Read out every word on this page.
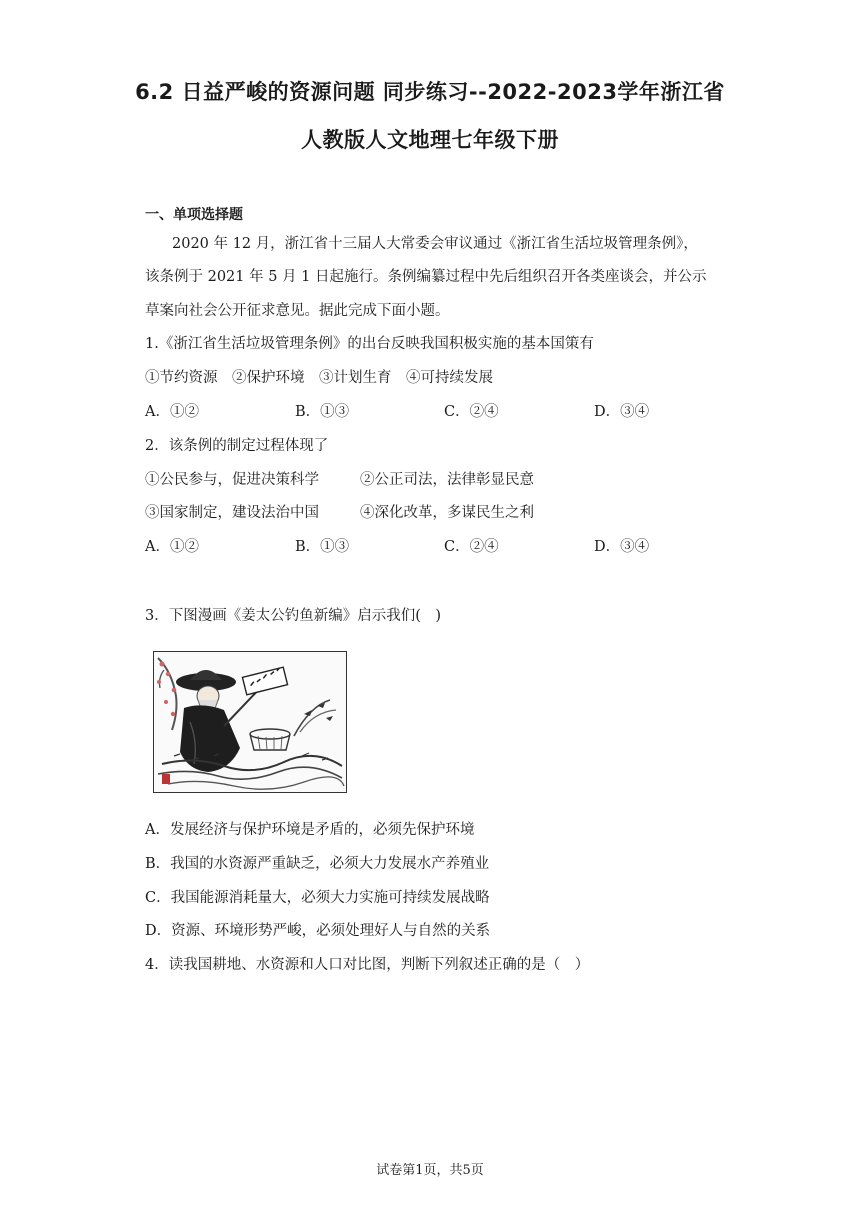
6.2 日益严峻的资源问题 同步练习--2022-2023学年浙江省
人教版人文地理七年级下册
一、单项选择题
2020 年 12 月，浙江省十三届人大常委会审议通过《浙江省生活垃圾管理条例》，
该条例于 2021 年 5 月 1 日起施行。条例编纂过程中先后组织召开各类座谈会，并公示
草案向社会公开征求意见。据此完成下面小题。
1.《浙江省生活垃圾管理条例》的出台反映我国积极实施的基本国策有
①节约资源　②保护环境　③计划生育　④可持续发展
A．①②	B．①③	C．②④	D．③④
2．该条例的制定过程体现了
①公民参与，促进决策科学	②公正司法，法律彰显民意
③国家制定，建设法治中国	④深化改革，多谋民生之利
A．①②	B．①③	C．②④	D．③④
3．下图漫画《姜太公钓鱼新编》启示我们(　)
A．发展经济与保护环境是矛盾的，必须先保护环境
B．我国的水资源严重缺乏，必须大力发展水产养殖业
C．我国能源消耗量大，必须大力实施可持续发展战略
D．资源、环境形势严峻，必须处理好人与自然的关系
4．读我国耕地、水资源和人口对比图，判断下列叙述正确的是（　）
试卷第1页，共5页
